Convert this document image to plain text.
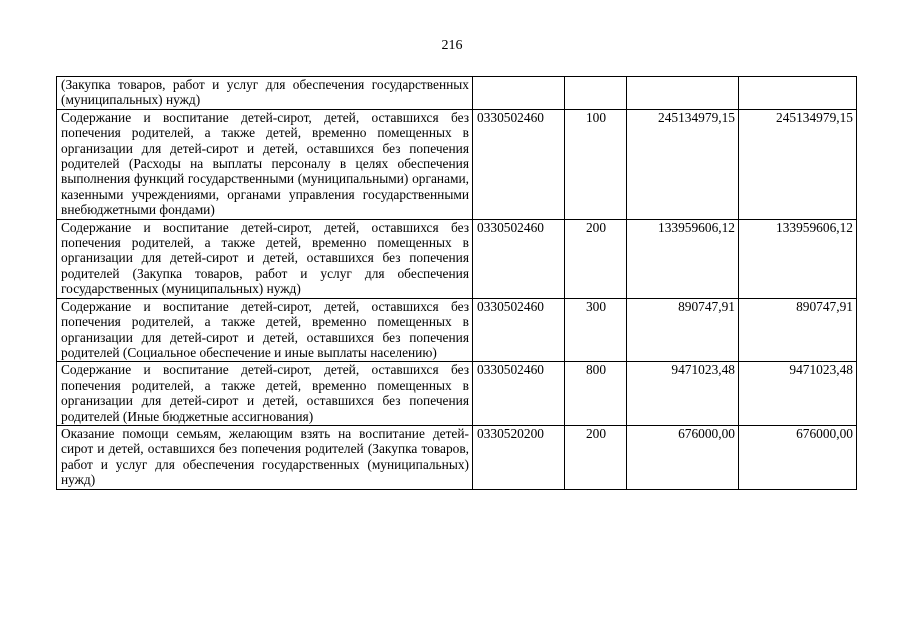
216
(Закупка товаров, работ и услуг для обеспечения государственных (муниципальных) нужд)				
Содержание и воспитание детей-сирот, детей, оставшихся без попечения родителей, а также детей, временно помещенных в организации для детей-сирот и детей, оставшихся без попечения родителей (Расходы на выплаты персоналу в целях обеспечения выполнения функций государственными (муниципальными) органами, казенными учреждениями, органами управления государственными внебюджетными фондами)	0330502460	100	245134979,15	245134979,15
Содержание и воспитание детей-сирот, детей, оставшихся без попечения родителей, а также детей, временно помещенных в организации для детей-сирот и детей, оставшихся без попечения родителей (Закупка товаров, работ и услуг для обеспечения государственных (муниципальных) нужд)	0330502460	200	133959606,12	133959606,12
Содержание и воспитание детей-сирот, детей, оставшихся без попечения родителей, а также детей, временно помещенных в организации для детей-сирот и детей, оставшихся без попечения родителей (Социальное обеспечение и иные выплаты населению)	0330502460	300	890747,91	890747,91
Содержание и воспитание детей-сирот, детей, оставшихся без попечения родителей, а также детей, временно помещенных в организации для детей-сирот и детей, оставшихся без попечения родителей (Иные бюджетные ассигнования)	0330502460	800	9471023,48	9471023,48
Оказание помощи семьям, желающим взять на воспитание детей-сирот и детей, оставшихся без попечения родителей (Закупка товаров, работ и услуг для обеспечения государственных (муниципальных) нужд)	0330520200	200	676000,00	676000,00
